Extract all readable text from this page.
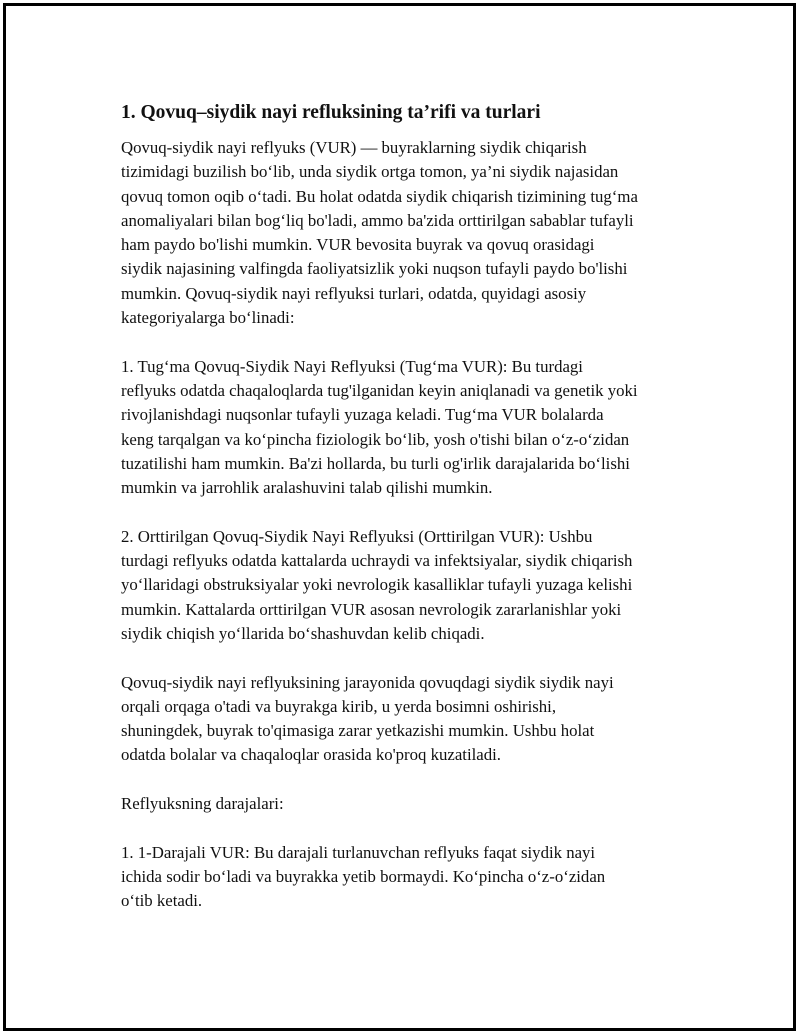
1. Qovuq–siydik nayi refluksining ta’rifi va turlari
Qovuq-siydik nayi reflyuks (VUR) — buyraklarning siydik chiqarish
tizimidagi buzilish bo‘lib, unda siydik ortga tomon, ya’ni siydik najasidan
qovuq tomon oqib o‘tadi. Bu holat odatda siydik chiqarish tizimining tug‘ma
anomaliyalari bilan bog‘liq bo'ladi, ammo ba'zida orttirilgan sabablar tufayli
ham paydo bo'lishi mumkin. VUR bevosita buyrak va qovuq orasidagi
siydik najasining valfingda faoliyatsizlik yoki nuqson tufayli paydo bo'lishi
mumkin. Qovuq-siydik nayi reflyuksi turlari, odatda, quyidagi asosiy
kategoriyalarga bo‘linadi:
1. Tug‘ma Qovuq-Siydik Nayi Reflyuksi (Tug‘ma VUR): Bu turdagi
reflyuks odatda chaqaloqlarda tug'ilganidan keyin aniqlanadi va genetik yoki
rivojlanishdagi nuqsonlar tufayli yuzaga keladi. Tug‘ma VUR bolalarda
keng tarqalgan va ko‘pincha fiziologik bo‘lib, yosh o'tishi bilan o‘z-o‘zidan
tuzatilishi ham mumkin. Ba'zi hollarda, bu turli og'irlik darajalarida bo‘lishi
mumkin va jarrohlik aralashuvini talab qilishi mumkin.
2. Orttirilgan Qovuq-Siydik Nayi Reflyuksi (Orttirilgan VUR): Ushbu
turdagi reflyuks odatda kattalarda uchraydi va infektsiyalar, siydik chiqarish
yo‘llaridagi obstruksiyalar yoki nevrologik kasalliklar tufayli yuzaga kelishi
mumkin. Kattalarda orttirilgan VUR asosan nevrologik zararlanishlar yoki
siydik chiqish yo‘llarida bo‘shashuvdan kelib chiqadi.
Qovuq-siydik nayi reflyuksining jarayonida qovuqdagi siydik siydik nayi
orqali orqaga o'tadi va buyrakga kirib, u yerda bosimni oshirishi,
shuningdek, buyrak to'qimasiga zarar yetkazishi mumkin. Ushbu holat
odatda bolalar va chaqaloqlar orasida ko'proq kuzatiladi.
Reflyuksning darajalari:
1. 1-Darajali VUR: Bu darajali turlanuvchan reflyuks faqat siydik nayi
ichida sodir bo‘ladi va buyrakka yetib bormaydi. Ko‘pincha o‘z-o‘zidan
o‘tib ketadi.
